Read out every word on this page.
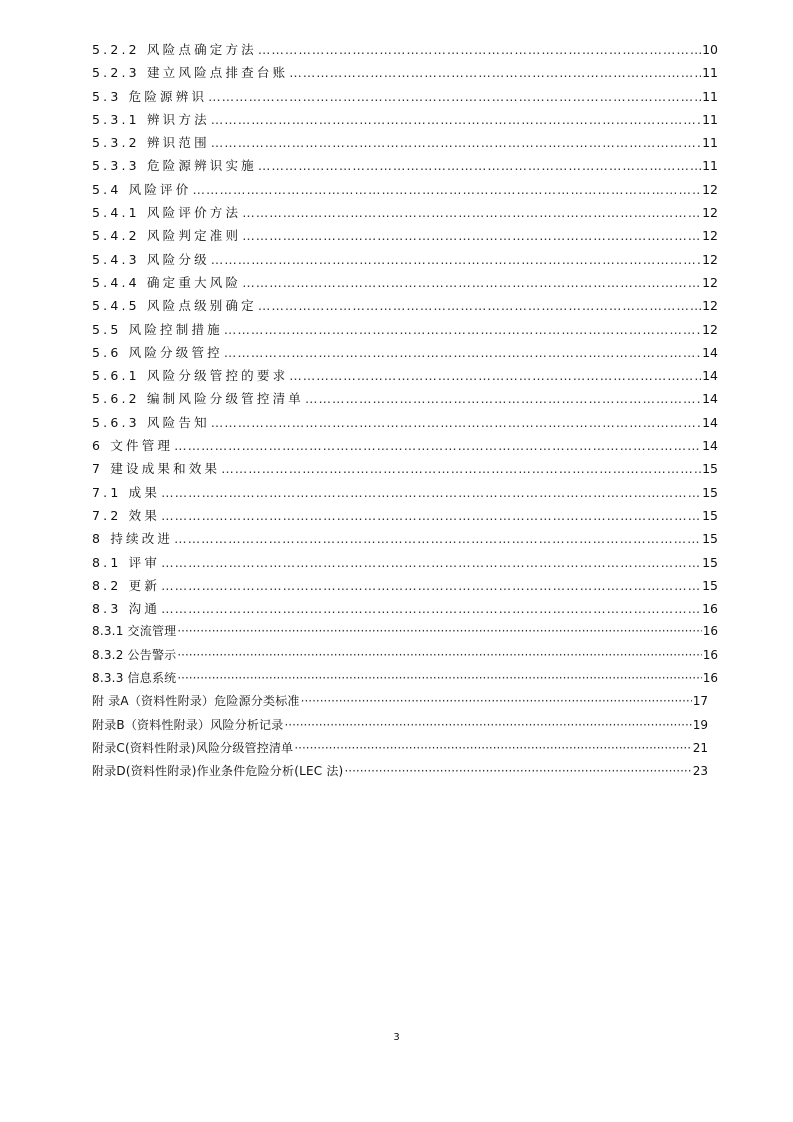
5.2.2 风险点确定方法 ………………………………………………………………………………………………………………………………………………………………………………………………………………	10
5.2.3 建立风险点排查台账 ………………………………………………………………………………………………………………………………………………………………………………………………………………	11
5.3 危险源辨识 ………………………………………………………………………………………………………………………………………………………………………………………………………………	11
5.3.1 辨识方法 ………………………………………………………………………………………………………………………………………………………………………………………………………………	11
5.3.2 辨识范围 ………………………………………………………………………………………………………………………………………………………………………………………………………………	11
5.3.3 危险源辨识实施 ………………………………………………………………………………………………………………………………………………………………………………………………………………	11
5.4 风险评价 ………………………………………………………………………………………………………………………………………………………………………………………………………………	12
5.4.1 风险评价方法 ………………………………………………………………………………………………………………………………………………………………………………………………………………	12
5.4.2 风险判定准则 ………………………………………………………………………………………………………………………………………………………………………………………………………………	12
5.4.3 风险分级 ………………………………………………………………………………………………………………………………………………………………………………………………………………	12
5.4.4 确定重大风险 ………………………………………………………………………………………………………………………………………………………………………………………………………………	12
5.4.5 风险点级别确定 ………………………………………………………………………………………………………………………………………………………………………………………………………………	12
5.5 风险控制措施 ………………………………………………………………………………………………………………………………………………………………………………………………………………	12
5.6 风险分级管控 ………………………………………………………………………………………………………………………………………………………………………………………………………………	14
5.6.1 风险分级管控的要求 ………………………………………………………………………………………………………………………………………………………………………………………………………………	14
5.6.2 编制风险分级管控清单 ………………………………………………………………………………………………………………………………………………………………………………………………………………	14
5.6.3 风险告知 ………………………………………………………………………………………………………………………………………………………………………………………………………………	14
6 文件管理 ………………………………………………………………………………………………………………………………………………………………………………………………………………	14
7 建设成果和效果 ………………………………………………………………………………………………………………………………………………………………………………………………………………	15
7.1 成果 ………………………………………………………………………………………………………………………………………………………………………………………………………………	15
7.2 效果 ………………………………………………………………………………………………………………………………………………………………………………………………………………	15
8 持续改进 ………………………………………………………………………………………………………………………………………………………………………………………………………………	15
8.1 评审 ………………………………………………………………………………………………………………………………………………………………………………………………………………	15
8.2 更新 ………………………………………………………………………………………………………………………………………………………………………………………………………………	15
8.3 沟通 ………………………………………………………………………………………………………………………………………………………………………………………………………………	16
8.3.1 交流管理 ·····	16
8.3.2 公告警示 ·····	16
8.3.3 信息系统 ·····	16
附 录A（资料性附录）危险源分类标准 ·····	17
附录B（资料性附录）风险分析记录 ·····	19
附录C(资料性附录)风险分级管控清单 ·····	21
附录D(资料性附录)作业条件危险分析(LEC 法) ·····	23
3
